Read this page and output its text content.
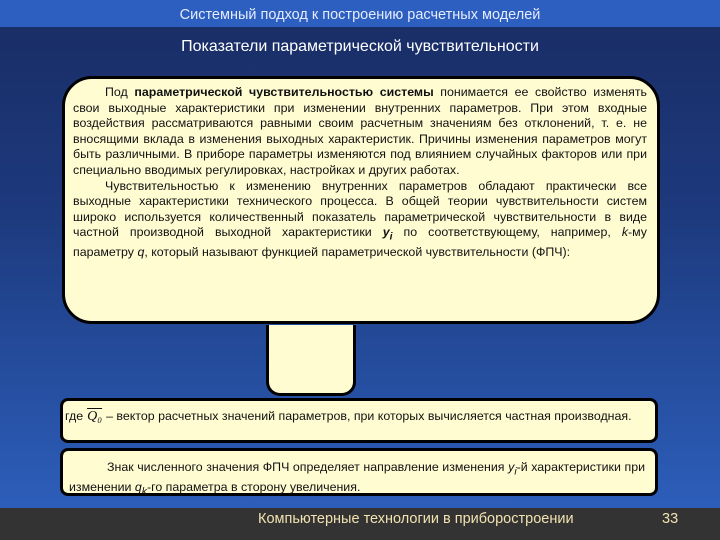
Системный подход к построению расчетных моделей
Показатели параметрической чувствительности

Под параметрической чувствительностью системы понимается ее свойство изменять свои выходные характеристики при изменении внутренних параметров. При этом входные воздействия рассматриваются равными своим расчетным значениям без отклонений, т. е. не вносящими вклада в изменения выходных характеристик. Причины изменения параметров могут быть различными. В приборе параметры изменяются под влиянием случайных факторов или при специально вводимых регулировках, настройках и других работах.

Чувствительностью к изменению внутренних параметров обладают практически все выходные характеристики технического процесса. В общей теории чувствительности систем широко используется количественный показатель параметрической чувствительности в виде частной производной выходной характеристики $y_i$ по соответствующему, например, k-му параметру q, который называют функцией параметрической чувствительности (ФПЧ):

где Q₀ – вектор расчетных значений параметров, при которых вычисляется частная производная.

Знак численного значения ФПЧ определяет направление изменения $y_i-й$ характеристики при изменении $q_k-го$ параметра в сторону увеличения.

Компьютерные технологии в приборостроении	33
